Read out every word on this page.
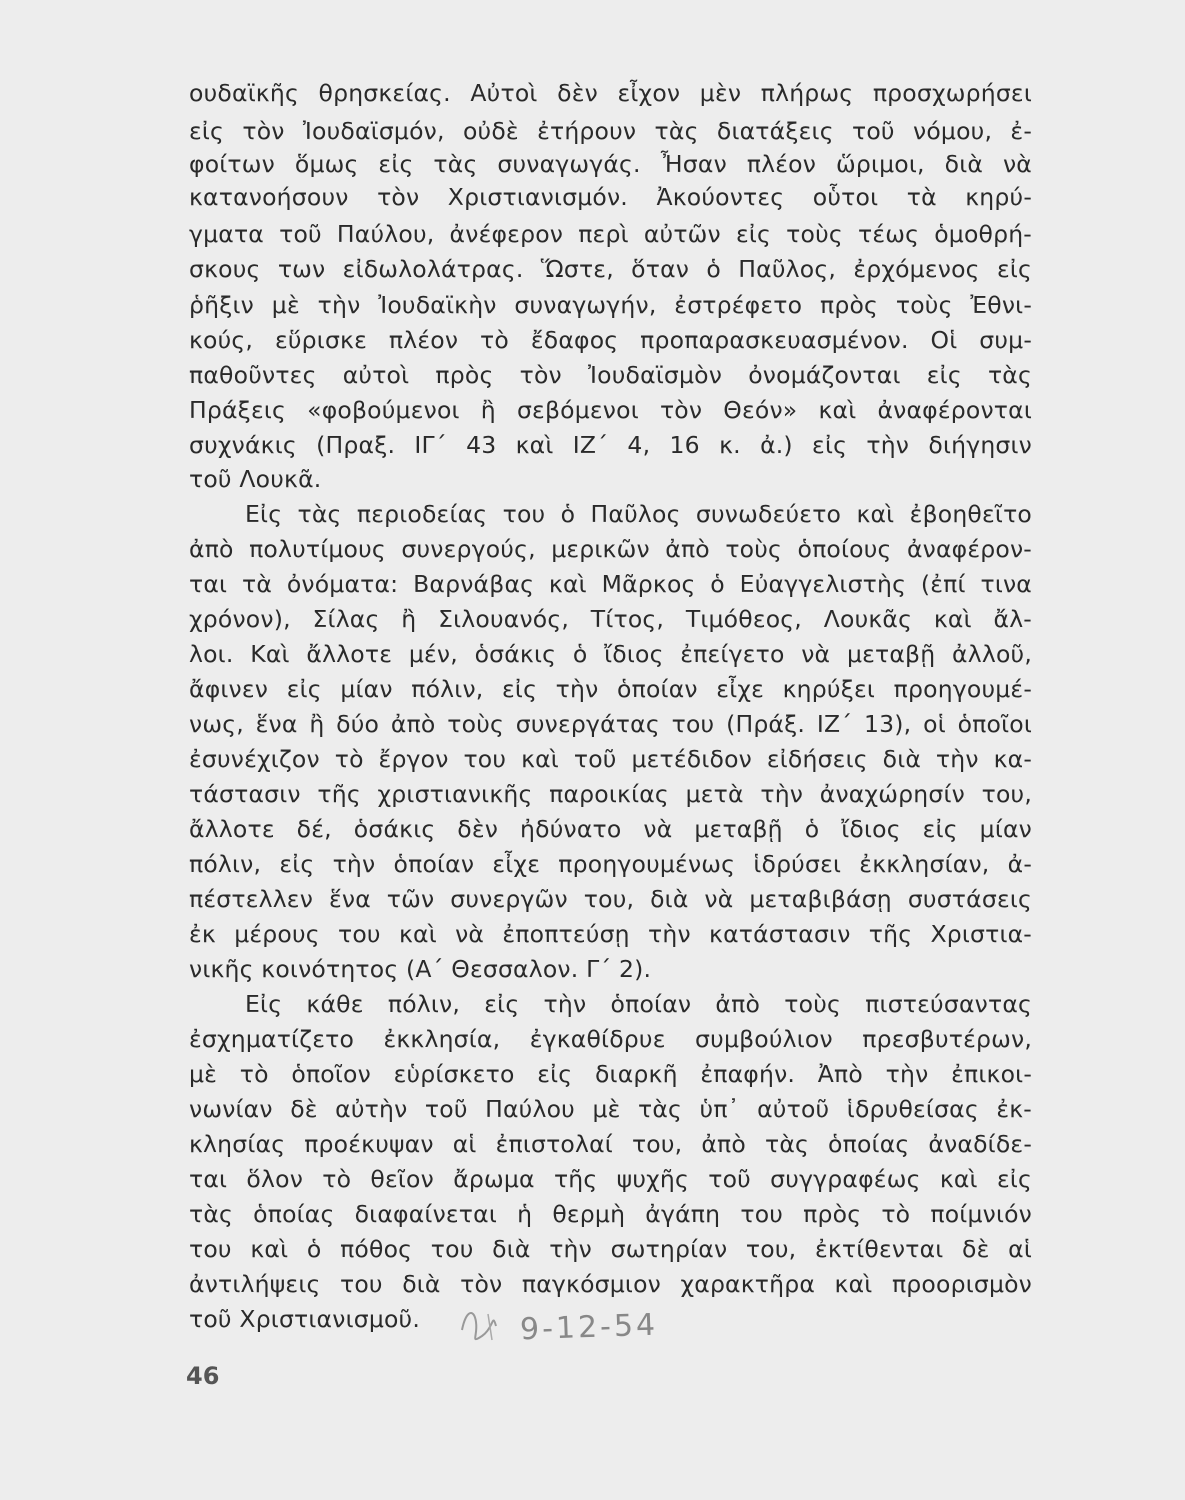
ουδαϊκῆς θρησκείας. Αὐτοὶ δὲν εἶχον μὲν πλήρως προσχωρήσει
εἰς τὸν Ἰουδαϊσμόν, οὐδὲ ἐτήρουν τὰς διατάξεις τοῦ νόμου, ἐ-
φοίτων ὅμως εἰς τὰς συναγωγάς. Ἦσαν πλέον ὥριμοι, διὰ νὰ
κατανοήσουν τὸν Χριστιανισμόν. Ἀκούοντες οὗτοι τὰ κηρύ-
γματα τοῦ Παύλου, ἀνέφερον περὶ αὐτῶν εἰς τοὺς τέως ὁμοθρή-
σκους των εἰδωλολάτρας. Ὥστε, ὅταν ὁ Παῦλος, ἐρχόμενος εἰς
ῥῆξιν μὲ τὴν Ἰουδαϊκὴν συναγωγήν, ἐστρέφετο πρὸς τοὺς Ἐθνι-
κούς, εὕρισκε πλέον τὸ ἔδαφος προπαρασκευασμένον. Οἱ συμ-
παθοῦντες αὐτοὶ πρὸς τὸν Ἰουδαϊσμὸν ὀνομάζονται εἰς τὰς
Πράξεις «φοβούμενοι ἢ σεβόμενοι τὸν Θεόν» καὶ ἀναφέρονται
συχνάκις (Πραξ. ΙΓ΄ 43 καὶ ΙΖ΄ 4, 16 κ. ἀ.) εἰς τὴν διήγησιν
τοῦ Λουκᾶ.
Εἰς τὰς περιοδείας του ὁ Παῦλος συνωδεύετο καὶ ἐβοηθεῖτο
ἀπὸ πολυτίμους συνεργούς, μερικῶν ἀπὸ τοὺς ὁποίους ἀναφέρον-
ται τὰ ὀνόματα: Βαρνάβας καὶ Μᾶρκος ὁ Εὐαγγελιστὴς (ἐπί τινα
χρόνον), Σίλας ἢ Σιλουανός, Τίτος, Τιμόθεος, Λουκᾶς καὶ ἄλ-
λοι. Καὶ ἄλλοτε μέν, ὁσάκις ὁ ἴδιος ἐπείγετο νὰ μεταβῇ ἀλλοῦ,
ἄφινεν εἰς μίαν πόλιν, εἰς τὴν ὁποίαν εἶχε κηρύξει προηγουμέ-
νως, ἕνα ἢ δύο ἀπὸ τοὺς συνεργάτας του (Πράξ. ΙΖ΄ 13), οἱ ὁποῖοι
ἐσυνέχιζον τὸ ἔργον του καὶ τοῦ μετέδιδον εἰδήσεις διὰ τὴν κα-
τάστασιν τῆς χριστιανικῆς παροικίας μετὰ τὴν ἀναχώρησίν του,
ἄλλοτε δέ, ὁσάκις δὲν ἠδύνατο νὰ μεταβῇ ὁ ἴδιος εἰς μίαν
πόλιν, εἰς τὴν ὁποίαν εἶχε προηγουμένως ἱδρύσει ἐκκλησίαν, ἀ-
πέστελλεν ἕνα τῶν συνεργῶν του, διὰ νὰ μεταβιβάσῃ συστάσεις
ἐκ μέρους του καὶ νὰ ἐποπτεύσῃ τὴν κατάστασιν τῆς Χριστια-
νικῆς κοινότητος (Α΄ Θεσσαλον. Γ΄ 2).
Εἰς κάθε πόλιν, εἰς τὴν ὁποίαν ἀπὸ τοὺς πιστεύσαντας
ἐσχηματίζετο ἐκκλησία, ἐγκαθίδρυε συμβούλιον πρεσβυτέρων,
μὲ τὸ ὁποῖον εὑρίσκετο εἰς διαρκῆ ἐπαφήν. Ἀπὸ τὴν ἐπικοι-
νωνίαν δὲ αὐτὴν τοῦ Παύλου μὲ τὰς ὑπ᾽ αὐτοῦ ἱδρυθείσας ἐκ-
κλησίας προέκυψαν αἱ ἐπιστολαί του, ἀπὸ τὰς ὁποίας ἀναδίδε-
ται ὅλον τὸ θεῖον ἄρωμα τῆς ψυχῆς τοῦ συγγραφέως καὶ εἰς
τὰς ὁποίας διαφαίνεται ἡ θερμὴ ἀγάπη του πρὸς τὸ ποίμνιόν
του καὶ ὁ πόθος του διὰ τὴν σωτηρίαν του, ἐκτίθενται δὲ αἱ
ἀντιλήψεις του διὰ τὸν παγκόσμιον χαρακτῆρα καὶ προορισμὸν
τοῦ Χριστιανισμοῦ.	9-12-54
46
